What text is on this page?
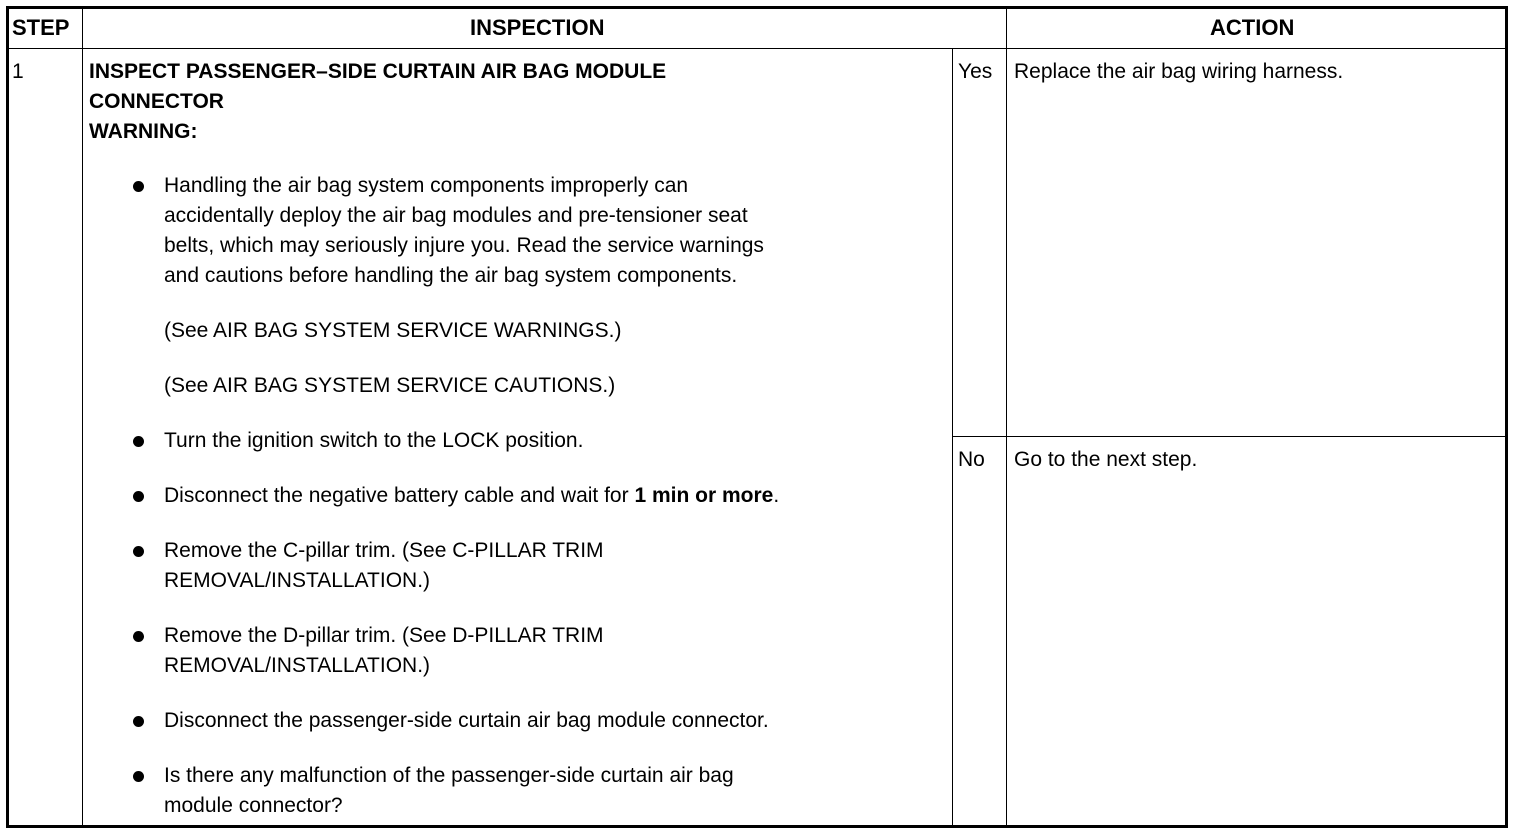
STEP	INSPECTION	ACTION
1	INSPECT PASSENGER–SIDE CURTAIN AIR BAG MODULE
CONNECTOR
WARNING:
Handling the air bag system components improperly can
accidentally deploy the air bag modules and pre-tensioner seat
belts, which may seriously injure you. Read the service warnings
and cautions before handling the air bag system components.
(See AIR BAG SYSTEM SERVICE WARNINGS.)
(See AIR BAG SYSTEM SERVICE CAUTIONS.)
Turn the ignition switch to the LOCK position.
Disconnect the negative battery cable and wait for 1 min or more.
Remove the C-pillar trim. (See C-PILLAR TRIM
REMOVAL/INSTALLATION.)
Remove the D-pillar trim. (See D-PILLAR TRIM
REMOVAL/INSTALLATION.)
Disconnect the passenger-side curtain air bag module connector.
Is there any malfunction of the passenger-side curtain air bag
module connector?
Yes Replace the air bag wiring harness.
No Go to the next step.
